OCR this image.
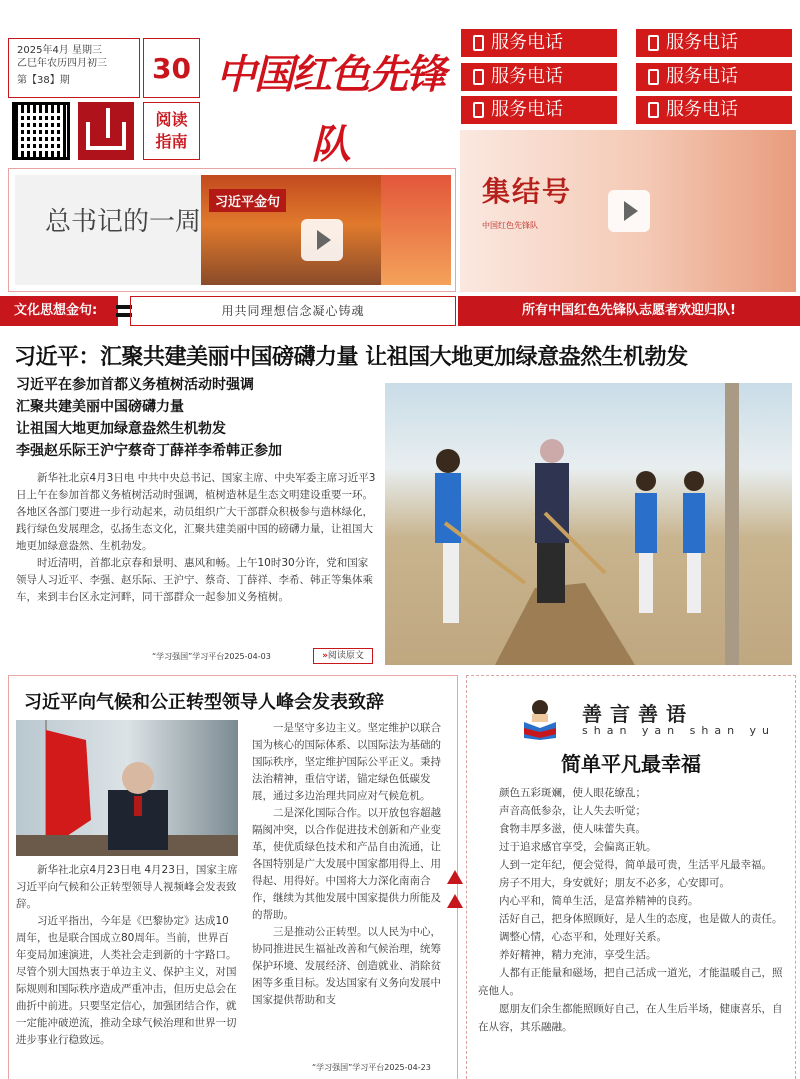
2025年4月 星期三
乙巳年农历四月初三
第【38】期	30
阅读
指南
中国红色先锋队
服务电话	服务电话
服务电话	服务电话
服务电话	服务电话
总书记的一周
习近平金句	集结号
中国红色先锋队
文化思想金句:	用共同理想信念凝心铸魂	所有中国红色先锋队志愿者欢迎归队!
习近平：汇聚共建美丽中国磅礴力量 让祖国大地更加绿意盎然生机勃发
习近平在参加首都义务植树活动时强调
汇聚共建美丽中国磅礴力量
让祖国大地更加绿意盎然生机勃发
李强赵乐际王沪宁蔡奇丁薛祥李希韩正参加

新华社北京4月3日电 中共中央总书记、国家主席、中央军委主席习近平3日上午在参加首都义务植树活动时强调，植树造林是生态文明建设重要一环。各地区各部门要进一步行动起来，动员组织广大干部群众积极参与造林绿化，践行绿色发展理念，弘扬生态文化，汇聚共建美丽中国的磅礴力量，让祖国大地更加绿意盎然、生机勃发。

时近清明，首都北京春和景明、惠风和畅。上午10时30分许，党和国家领导人习近平、李强、赵乐际、王沪宁、蔡奇、丁薛祥、李希、韩正等集体乘车，来到丰台区永定河畔，同干部群众一起参加义务植树。

“学习强国”学习平台2025-04-03	»阅读原文
习近平向气候和公正转型领导人峰会发表致辞

新华社北京4月23日电 4月23日，国家主席习近平向气候和公正转型领导人视频峰会发表致辞。

习近平指出，今年是《巴黎协定》达成10周年，也是联合国成立80周年。当前，世界百年变局加速演进，人类社会走到新的十字路口。尽管个别大国热衷于单边主义、保护主义，对国际规则和国际秩序造成严重冲击，但历史总会在曲折中前进。只要坚定信心，加强团结合作，就一定能冲破逆流，推动全球气候治理和世界一切进步事业行稳致远。

一是坚守多边主义。坚定维护以联合国为核心的国际体系、以国际法为基础的国际秩序，坚定维护国际公平正义。秉持法治精神，重信守诺，锚定绿色低碳发展，通过多边治理共同应对气候危机。

二是深化国际合作。以开放包容超越隔阂冲突，以合作促进技术创新和产业变革，使优质绿色技术和产品自由流通，让各国特别是广大发展中国家都用得上、用得起、用得好。中国将大力深化南南合作，继续为其他发展中国家提供力所能及的帮助。

三是推动公正转型。以人民为中心，协同推进民生福祉改善和气候治理，统筹保护环境、发展经济、创造就业、消除贫困等多重目标。发达国家有义务向发展中国家提供帮助和支

“学习强国”学习平台2025-04-23
善言善语
shan yan shan yu
简单平凡最幸福

颜色五彩斑斓，使人眼花缭乱；

声音高低参杂，让人失去听觉；

食物丰厚多滋，使人味蕾失真。

过于追求感官享受，会偏离正轨。

人到一定年纪，便会觉得，简单最可贵，生活平凡最幸福。

房子不用大，身安就好；朋友不必多，心安即可。

内心平和，简单生活，是富养精神的良药。

活好自己，把身体照顾好，是人生的态度，也是做人的责任。

调整心情，心态平和，处理好关系。

养好精神，精力充沛，享受生活。

人都有正能量和磁场，把自己活成一道光，才能温暖自己，照亮他人。

愿朋友们余生都能照顾好自己，在人生后半场，健康喜乐，自在从容，其乐融融。
